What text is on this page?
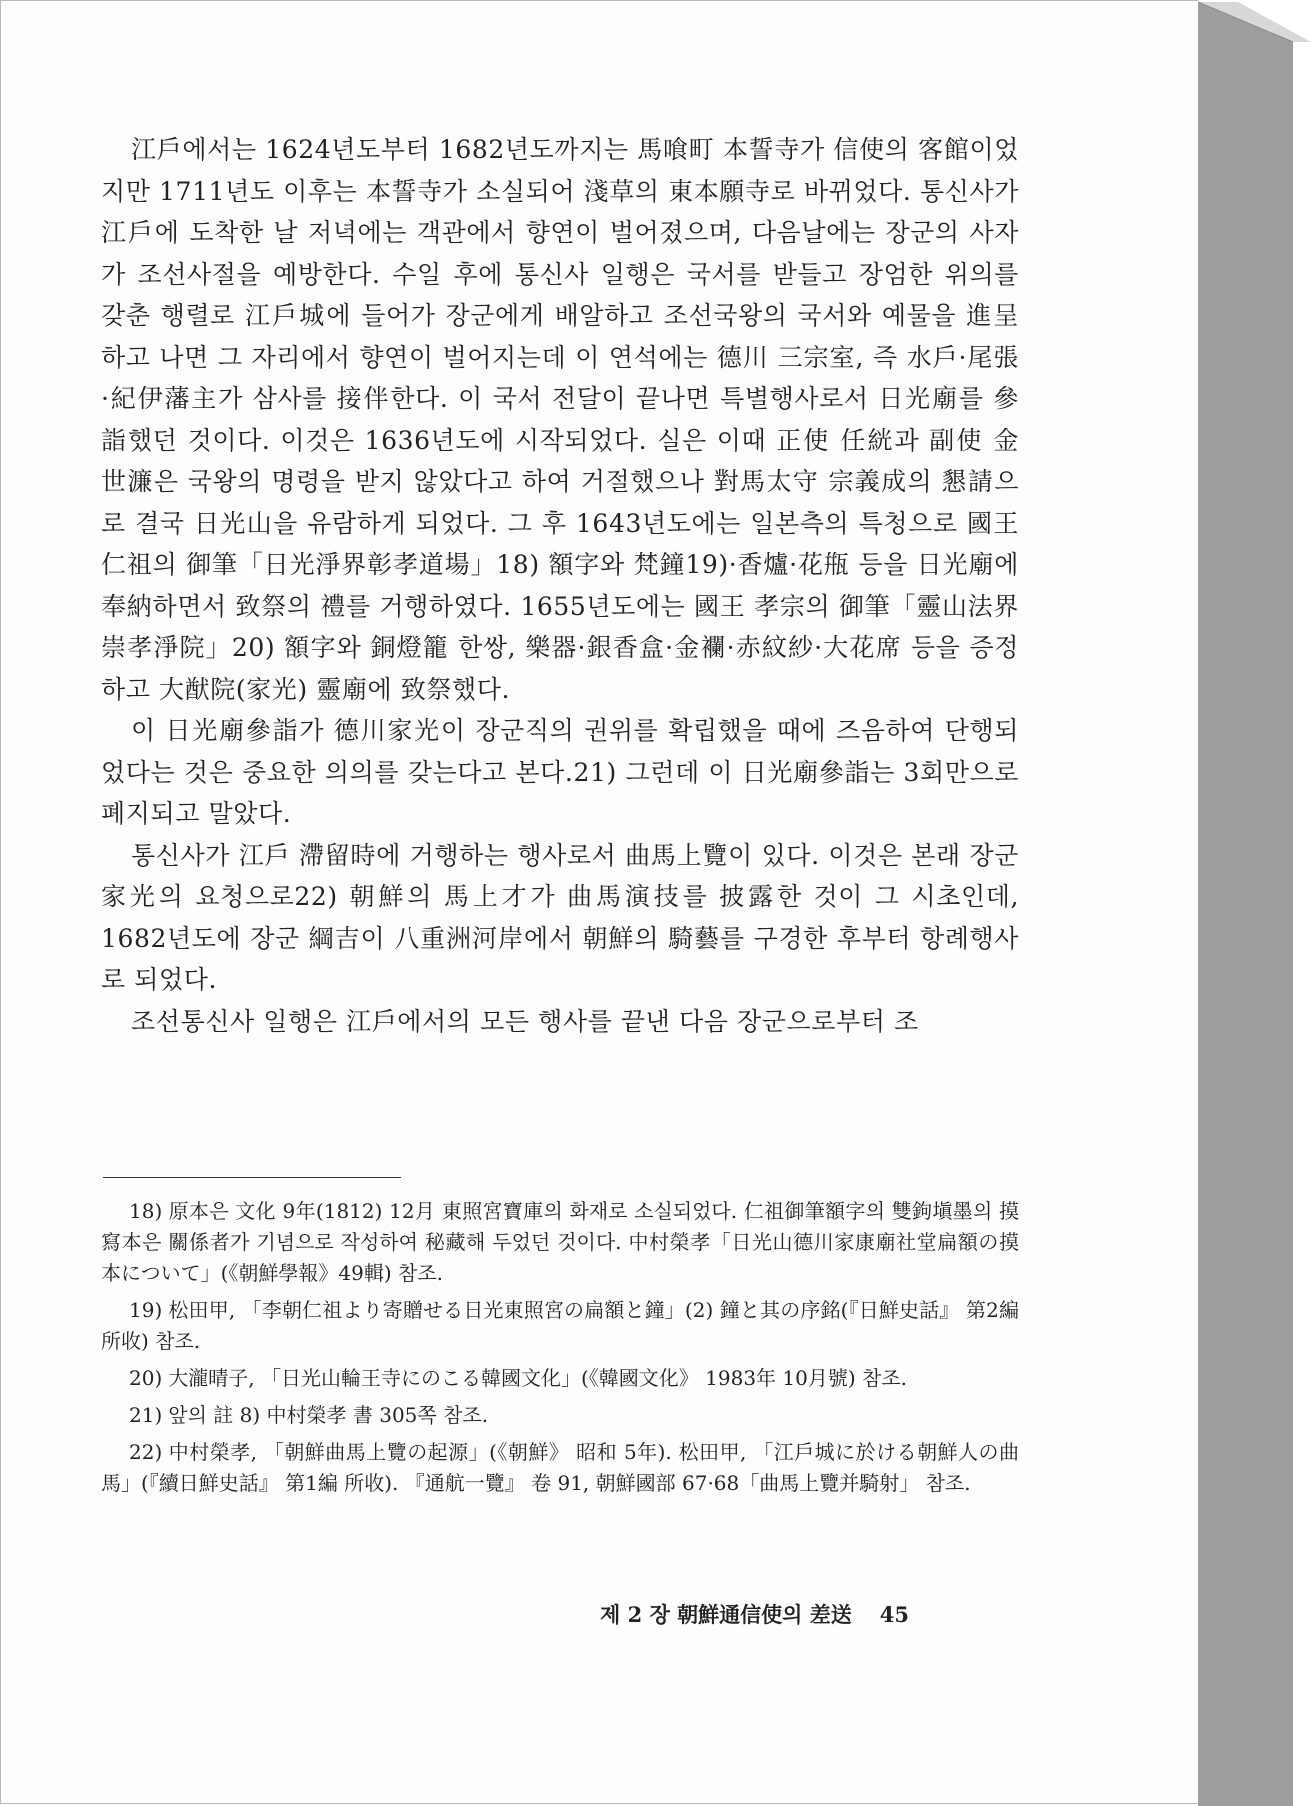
江戶에서는 1624년도부터 1682년도까지는 馬喰町 本誓寺가 信使의 客館이었지만 1711년도 이후는 本誓寺가 소실되어 淺草의 東本願寺로 바뀌었다. 통신사가 江戶에 도착한 날 저녁에는 객관에서 향연이 벌어졌으며, 다음날에는 장군의 사자가 조선사절을 예방한다. 수일 후에 통신사 일행은 국서를 받들고 장엄한 위의를 갖춘 행렬로 江戶城에 들어가 장군에게 배알하고 조선국왕의 국서와 예물을 進呈하고 나면 그 자리에서 향연이 벌어지는데 이 연석에는 德川 三宗室, 즉 水戶·尾張·紀伊藩主가 삼사를 接伴한다. 이 국서 전달이 끝나면 특별행사로서 日光廟를 參詣했던 것이다. 이것은 1636년도에 시작되었다. 실은 이때 正使 任絖과 副使 金世濂은 국왕의 명령을 받지 않았다고 하여 거절했으나 對馬太守 宗義成의 懇請으로 결국 日光山을 유람하게 되었다. 그 후 1643년도에는 일본측의 특청으로 國王 仁祖의 御筆「日光淨界彰孝道場」18) 額字와 梵鐘19)·香爐·花甁 등을 日光廟에 奉納하면서 致祭의 禮를 거행하였다. 1655년도에는 國王 孝宗의 御筆「靈山法界崇孝淨院」20) 額字와 銅燈籠 한쌍, 樂器·銀香盒·金襴·赤紋紗·大花席 등을 증정하고 大猷院(家光) 靈廟에 致祭했다.

이 日光廟參詣가 德川家光이 장군직의 권위를 확립했을 때에 즈음하여 단행되었다는 것은 중요한 의의를 갖는다고 본다.21) 그런데 이 日光廟參詣는 3회만으로 폐지되고 말았다.

통신사가 江戶 滯留時에 거행하는 행사로서 曲馬上覽이 있다. 이것은 본래 장군 家光의 요청으로22) 朝鮮의 馬上才가 曲馬演技를 披露한 것이 그 시초인데, 1682년도에 장군 綱吉이 八重洲河岸에서 朝鮮의 騎藝를 구경한 후부터 항례행사로 되었다.

조선통신사 일행은 江戶에서의 모든 행사를 끝낸 다음 장군으로부터 조

18) 原本은 文化 9年(1812) 12月 東照宮寶庫의 화재로 소실되었다. 仁祖御筆額字의 雙鉤塡墨의 摸寫本은 關係者가 기념으로 작성하여 秘藏해 두었던 것이다. 中村榮孝「日光山德川家康廟社堂扁額の摸本について」(《朝鮮學報》49輯) 참조.

19) 松田甲, 「李朝仁祖より寄贈せる日光東照宮の扁額と鐘」(2) 鐘と其の序銘(『日鮮史話』 第2編 所收) 참조.

20) 大瀧晴子, 「日光山輪王寺にのこる韓國文化」(《韓國文化》 1983年 10月號) 참조.

21) 앞의 註 8) 中村榮孝 書 305쪽 참조.

22) 中村榮孝, 「朝鮮曲馬上覽の起源」(《朝鮮》 昭和 5年). 松田甲, 「江戶城に於ける朝鮮人の曲馬」(『續日鮮史話』 第1編 所收). 『通航一覽』 卷 91, 朝鮮國部 67·68「曲馬上覽并騎射」 참조.

제 2 장 朝鮮通信使의 差送 45
